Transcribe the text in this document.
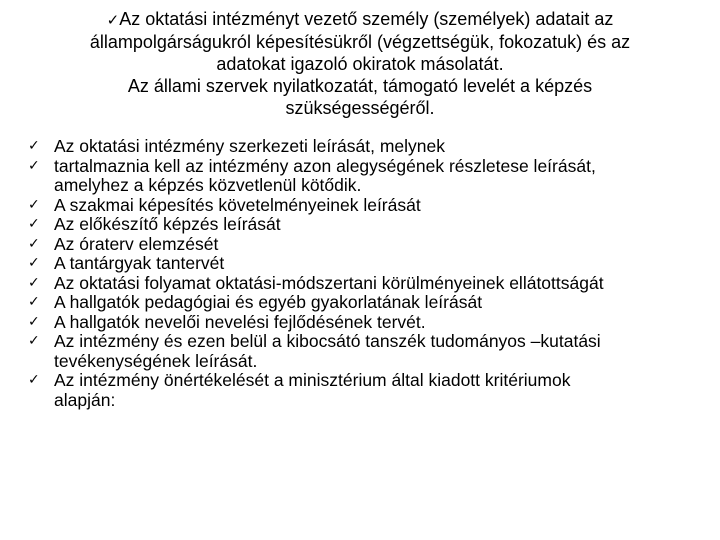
✓Az oktatási intézményt vezető személy (személyek) adatait az
állampolgárságukról képesítésükről (végzettségük, fokozatuk) és az
adatokat igazoló okiratok másolatát.
Az állami szervek nyilatkozatát, támogató levelét a képzés
szükségességéről.
✓ Az oktatási intézmény szerkezeti leírását, melynek
✓ tartalmaznia kell az intézmény azon alegységének részletese leírását,
amelyhez a képzés közvetlenül kötődik.
✓ A szakmai képesítés követelményeinek leírását
✓ Az előkészítő képzés leírását
✓ Az óraterv elemzését
✓ A tantárgyak tantervét
✓ Az oktatási folyamat oktatási-módszertani körülményeinek ellátottságát
✓ A hallgatók pedagógiai és egyéb gyakorlatának leírását
✓ A hallgatók nevelői nevelési fejlődésének tervét.
✓ Az intézmény és ezen belül a kibocsátó tanszék tudományos –kutatási
tevékenységének leírását.
✓ Az intézmény önértékelését a minisztérium által kiadott kritériumok
alapján:
